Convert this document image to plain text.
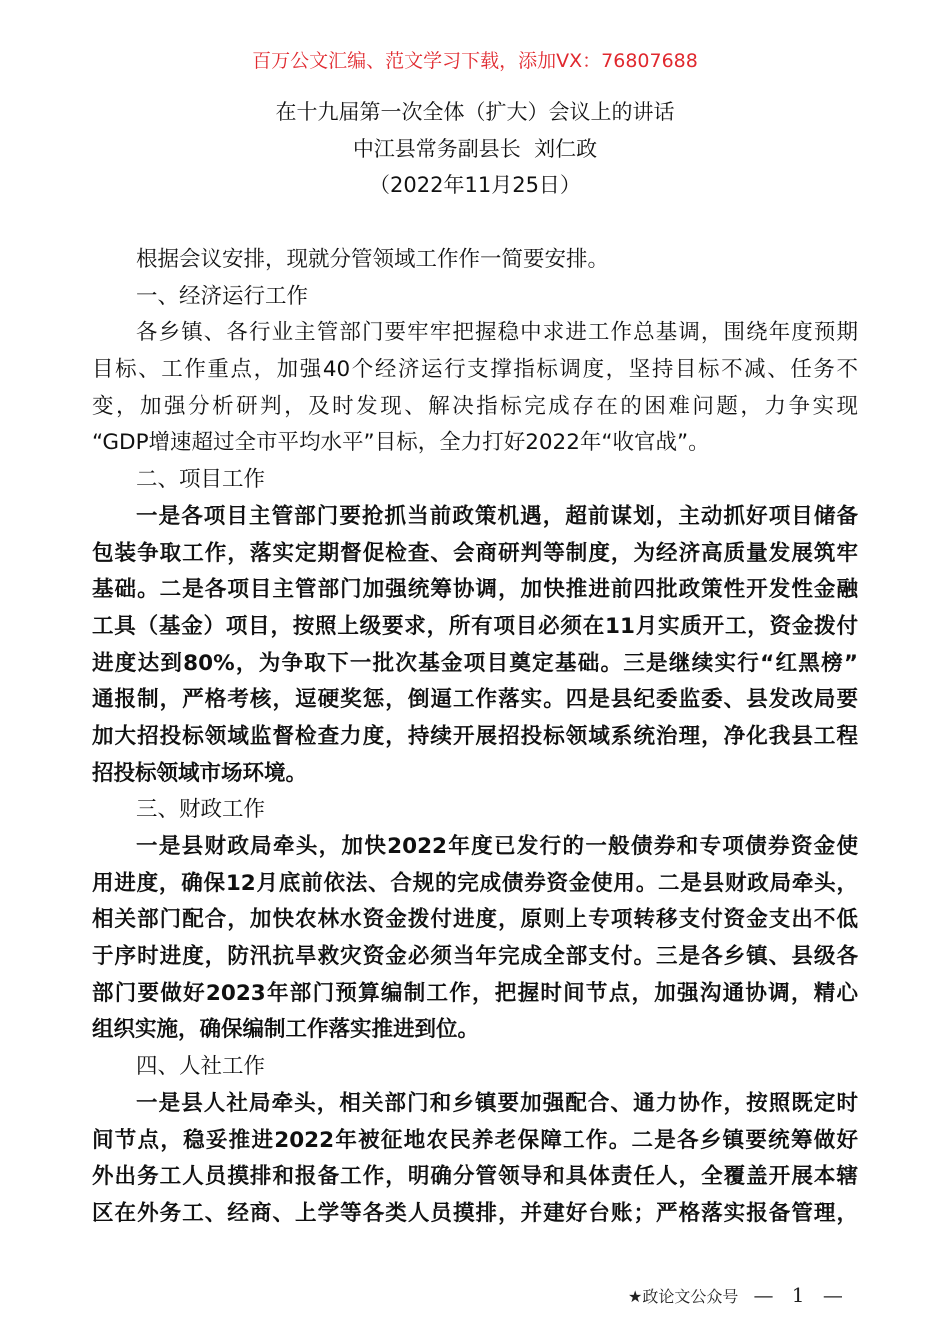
百万公文汇编、范文学习下载，添加VX：76807688
在十九届第一次全体（扩大）会议上的讲话
中江县常务副县长  刘仁政
（2022年11月25日）
根据会议安排，现就分管领域工作作一简要安排。
一、经济运行工作
各乡镇、各行业主管部门要牢牢把握稳中求进工作总基调，围绕年度预期
目标、工作重点，加强40个经济运行支撑指标调度，坚持目标不减、任务不
变，加强分析研判，及时发现、解决指标完成存在的困难问题，力争实现
“GDP增速超过全市平均水平”目标，全力打好2022年“收官战”。
二、项目工作
一是各项目主管部门要抢抓当前政策机遇，超前谋划，主动抓好项目储备
包装争取工作，落实定期督促检查、会商研判等制度，为经济高质量发展筑牢
基础。二是各项目主管部门加强统筹协调，加快推进前四批政策性开发性金融
工具（基金）项目，按照上级要求，所有项目必须在11月实质开工，资金拨付
进度达到80%，为争取下一批次基金项目奠定基础。三是继续实行“红黑榜”
通报制，严格考核，逗硬奖惩，倒逼工作落实。四是县纪委监委、县发改局要
加大招投标领域监督检查力度，持续开展招投标领域系统治理，净化我县工程
招投标领域市场环境。
三、财政工作
一是县财政局牵头，加快2022年度已发行的一般债券和专项债券资金使
用进度，确保12月底前依法、合规的完成债券资金使用。二是县财政局牵头，
相关部门配合，加快农林水资金拨付进度，原则上专项转移支付资金支出不低
于序时进度，防汛抗旱救灾资金必须当年完成全部支付。三是各乡镇、县级各
部门要做好2023年部门预算编制工作，把握时间节点，加强沟通协调，精心
组织实施，确保编制工作落实推进到位。
四、人社工作
一是县人社局牵头，相关部门和乡镇要加强配合、通力协作，按照既定时
间节点，稳妥推进2022年被征地农民养老保障工作。二是各乡镇要统筹做好
外出务工人员摸排和报备工作，明确分管领导和具体责任人，全覆盖开展本辖
区在外务工、经商、上学等各类人员摸排，并建好台账；严格落实报备管理，
★政论文公众号 — 1 —
